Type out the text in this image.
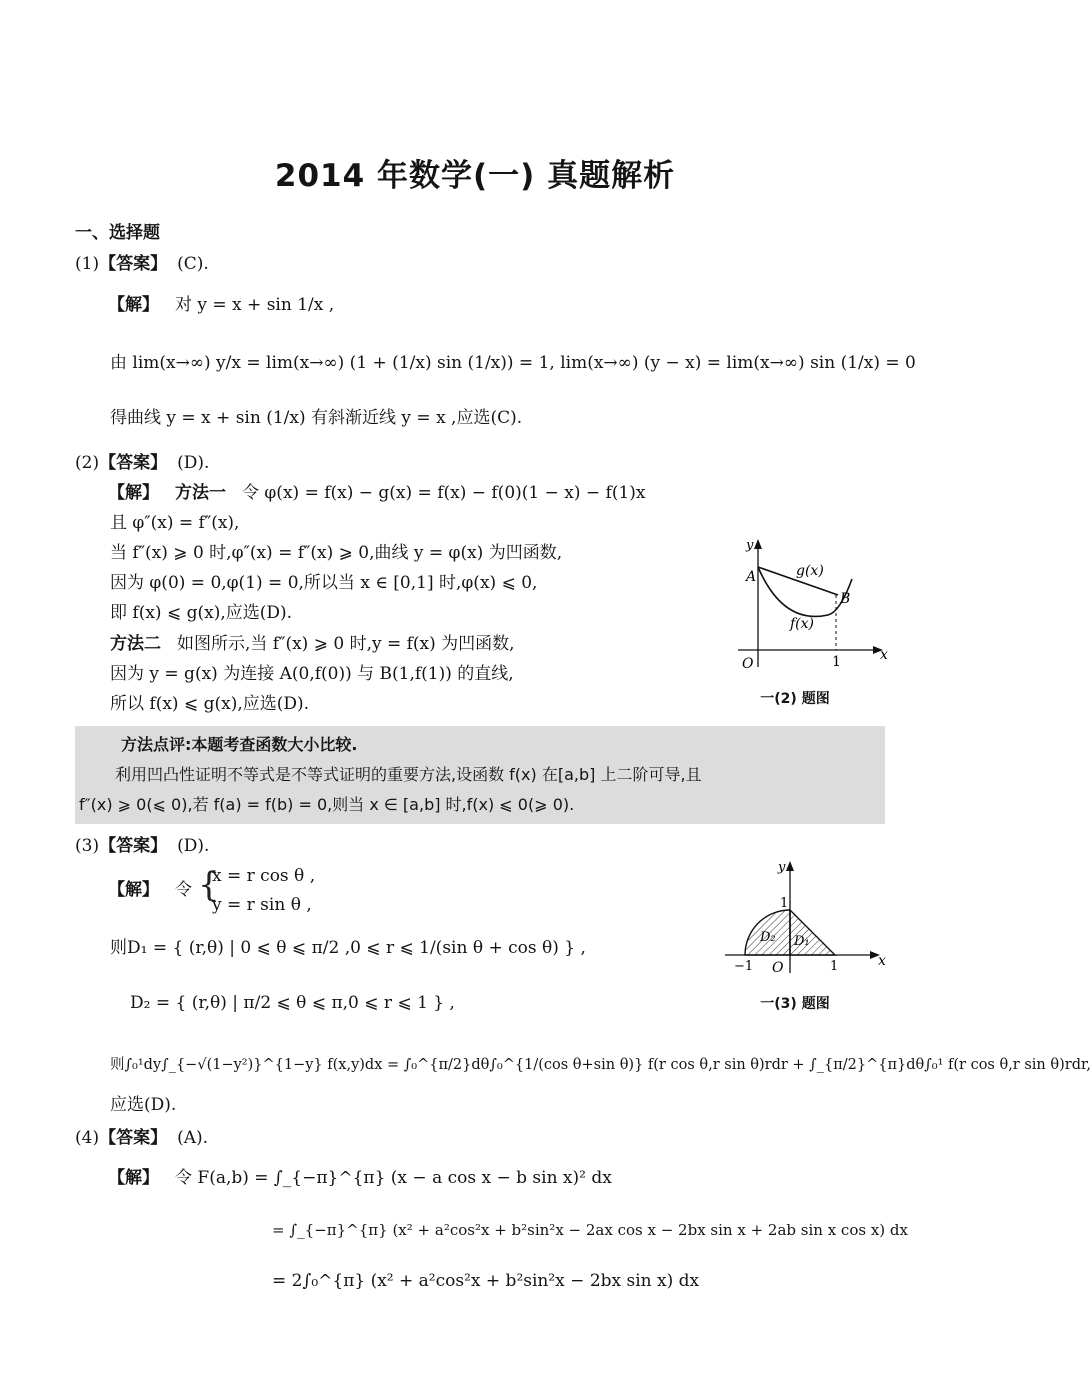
2014 年数学(一) 真题解析
一、选择题
(1)【答案】 (C).
【解】 对 y = x + sin 1/x ,
由 lim(x→∞) y/x = lim(x→∞) (1 + (1/x) sin (1/x)) = 1, lim(x→∞) (y − x) = lim(x→∞) sin (1/x) = 0
得曲线 y = x + sin (1/x) 有斜渐近线 y = x ,应选(C).
(2)【答案】 (D).
【解】 方法一 令 φ(x) = f(x) − g(x) = f(x) − f(0)(1 − x) − f(1)x
且 φ″(x) = f″(x),
当 f″(x) ⩾ 0 时,φ″(x) = f″(x) ⩾ 0,曲线 y = φ(x) 为凹函数,
因为 φ(0) = 0,φ(1) = 0,所以当 x ∈ [0,1] 时,φ(x) ⩽ 0,
即 f(x) ⩽ g(x),应选(D).
方法二 如图所示,当 f″(x) ⩾ 0 时,y = f(x) 为凹函数,
因为 y = g(x) 为连接 A(0,f(0)) 与 B(1,f(1)) 的直线,
所以 f(x) ⩽ g(x),应选(D).
y
x
O	1
A
B
g(x)
f(x)
一(2) 题图
方法点评:本题考查函数大小比较.
利用凹凸性证明不等式是不等式证明的重要方法,设函数 f(x) 在[a,b] 上二阶可导,且
f″(x) ⩾ 0(⩽ 0),若 f(a) = f(b) = 0,则当 x ∈ [a,b] 时,f(x) ⩽ 0(⩾ 0).
(3)【答案】 (D).
【解】 令 {
x = r cos θ ,
y = r sin θ ,
则D₁ = { (r,θ) | 0 ⩽ θ ⩽ π/2 ,0 ⩽ r ⩽ 1/(sin θ + cos θ) } ,
D₂ = { (r,θ) | π/2 ⩽ θ ⩽ π,0 ⩽ r ⩽ 1 } ,
则∫₀¹dy∫_{−√(1−y²)}^{1−y} f(x,y)dx = ∫₀^{π/2}dθ∫₀^{1/(cos θ+sin θ)} f(r cos θ,r sin θ)rdr + ∫_{π/2}^{π}dθ∫₀¹ f(r cos θ,r sin θ)rdr,
应选(D).
y
x
O
1
1
−1
D₂ D₁
一(3) 题图
(4)【答案】 (A).
【解】 令 F(a,b) = ∫_{−π}^{π} (x − a cos x − b sin x)² dx
= ∫_{−π}^{π} (x² + a²cos²x + b²sin²x − 2ax cos x − 2bx sin x + 2ab sin x cos x) dx
= 2∫₀^{π} (x² + a²cos²x + b²sin²x − 2bx sin x) dx
